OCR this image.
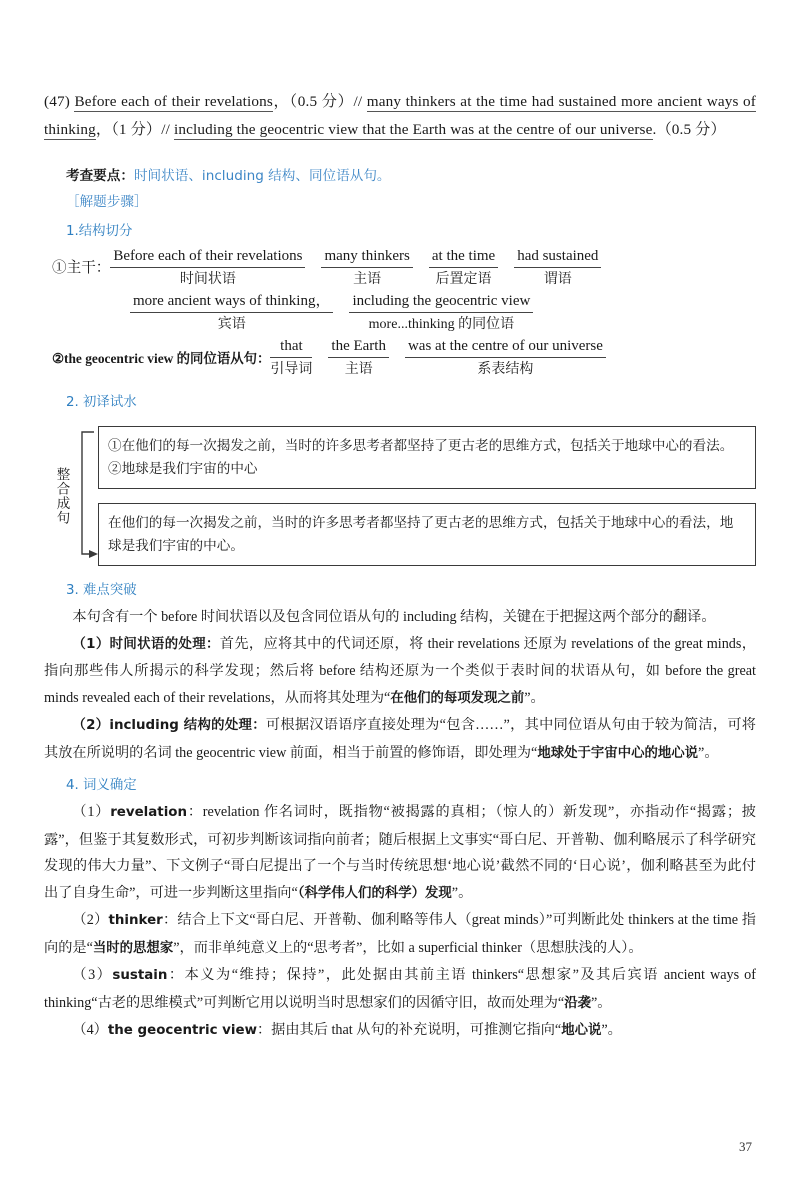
(47) Before each of their revelations，（0.5 分）// many thinkers at the time had sustained more ancient ways of thinking，（1 分）// including the geocentric view that the Earth was at the centre of our universe.（0.5 分）
考查要点：时间状语、including 结构、同位语从句。
［解题步骤］
1.结构切分
①主干：
Before each of their revelations
时间状语
many thinkers
主语
at the time
后置定语
had sustained
谓语
more ancient ways of thinking，
宾语
including the geocentric view
more...thinking 的同位语
②the geocentric view 的同位语从句：
that
引导词
the Earth
主语
was at the centre of our universe
系表结构
2. 初译试水
整合成句
①在他们的每一次揭发之前，当时的许多思考者都坚持了更古老的思维方式，包括关于地球中心的看法。
②地球是我们宇宙的中心
在他们的每一次揭发之前，当时的许多思考者都坚持了更古老的思维方式，包括关于地球中心的看法，地球是我们宇宙的中心。
3. 难点突破

本句含有一个 before 时间状语以及包含同位语从句的 including 结构，关键在于把握这两个部分的翻译。

（1）时间状语的处理：首先，应将其中的代词还原，将 their revelations 还原为 revelations of the great minds，指向那些伟人所揭示的科学发现；然后将 before 结构还原为一个类似于表时间的状语从句，如 before the great minds revealed each of their revelations，从而将其处理为“在他们的每项发现之前”。

（2）including 结构的处理：可根据汉语语序直接处理为“包含……”，其中同位语从句由于较为简洁，可将其放在所说明的名词 the geocentric view 前面，相当于前置的修饰语，即处理为“地球处于宇宙中心的地心说”。

4. 词义确定

（1）revelation：revelation 作名词时，既指物“被揭露的真相；（惊人的）新发现”，亦指动作“揭露；披露”，但鉴于其复数形式，可初步判断该词指向前者；随后根据上文事实“哥白尼、开普勒、伽利略展示了科学研究发现的伟大力量”、下文例子“哥白尼提出了一个与当时传统思想‘地心说’截然不同的‘日心说’，伽利略甚至为此付出了自身生命”，可进一步判断这里指向“（科学伟人们的科学）发现”。

（2）thinker：结合上下文“哥白尼、开普勒、伽利略等伟人（great minds）”可判断此处 thinkers at the time 指向的是“当时的思想家”，而非单纯意义上的“思考者”，比如 a superficial thinker（思想肤浅的人）。

（3）sustain：本义为“维持；保持”，此处据由其前主语 thinkers“思想家”及其后宾语 ancient ways of thinking“古老的思维模式”可判断它用以说明当时思想家们的因循守旧，故而处理为“沿袭”。

（4）the geocentric view：据由其后 that 从句的补充说明，可推测它指向“地心说”。

37
